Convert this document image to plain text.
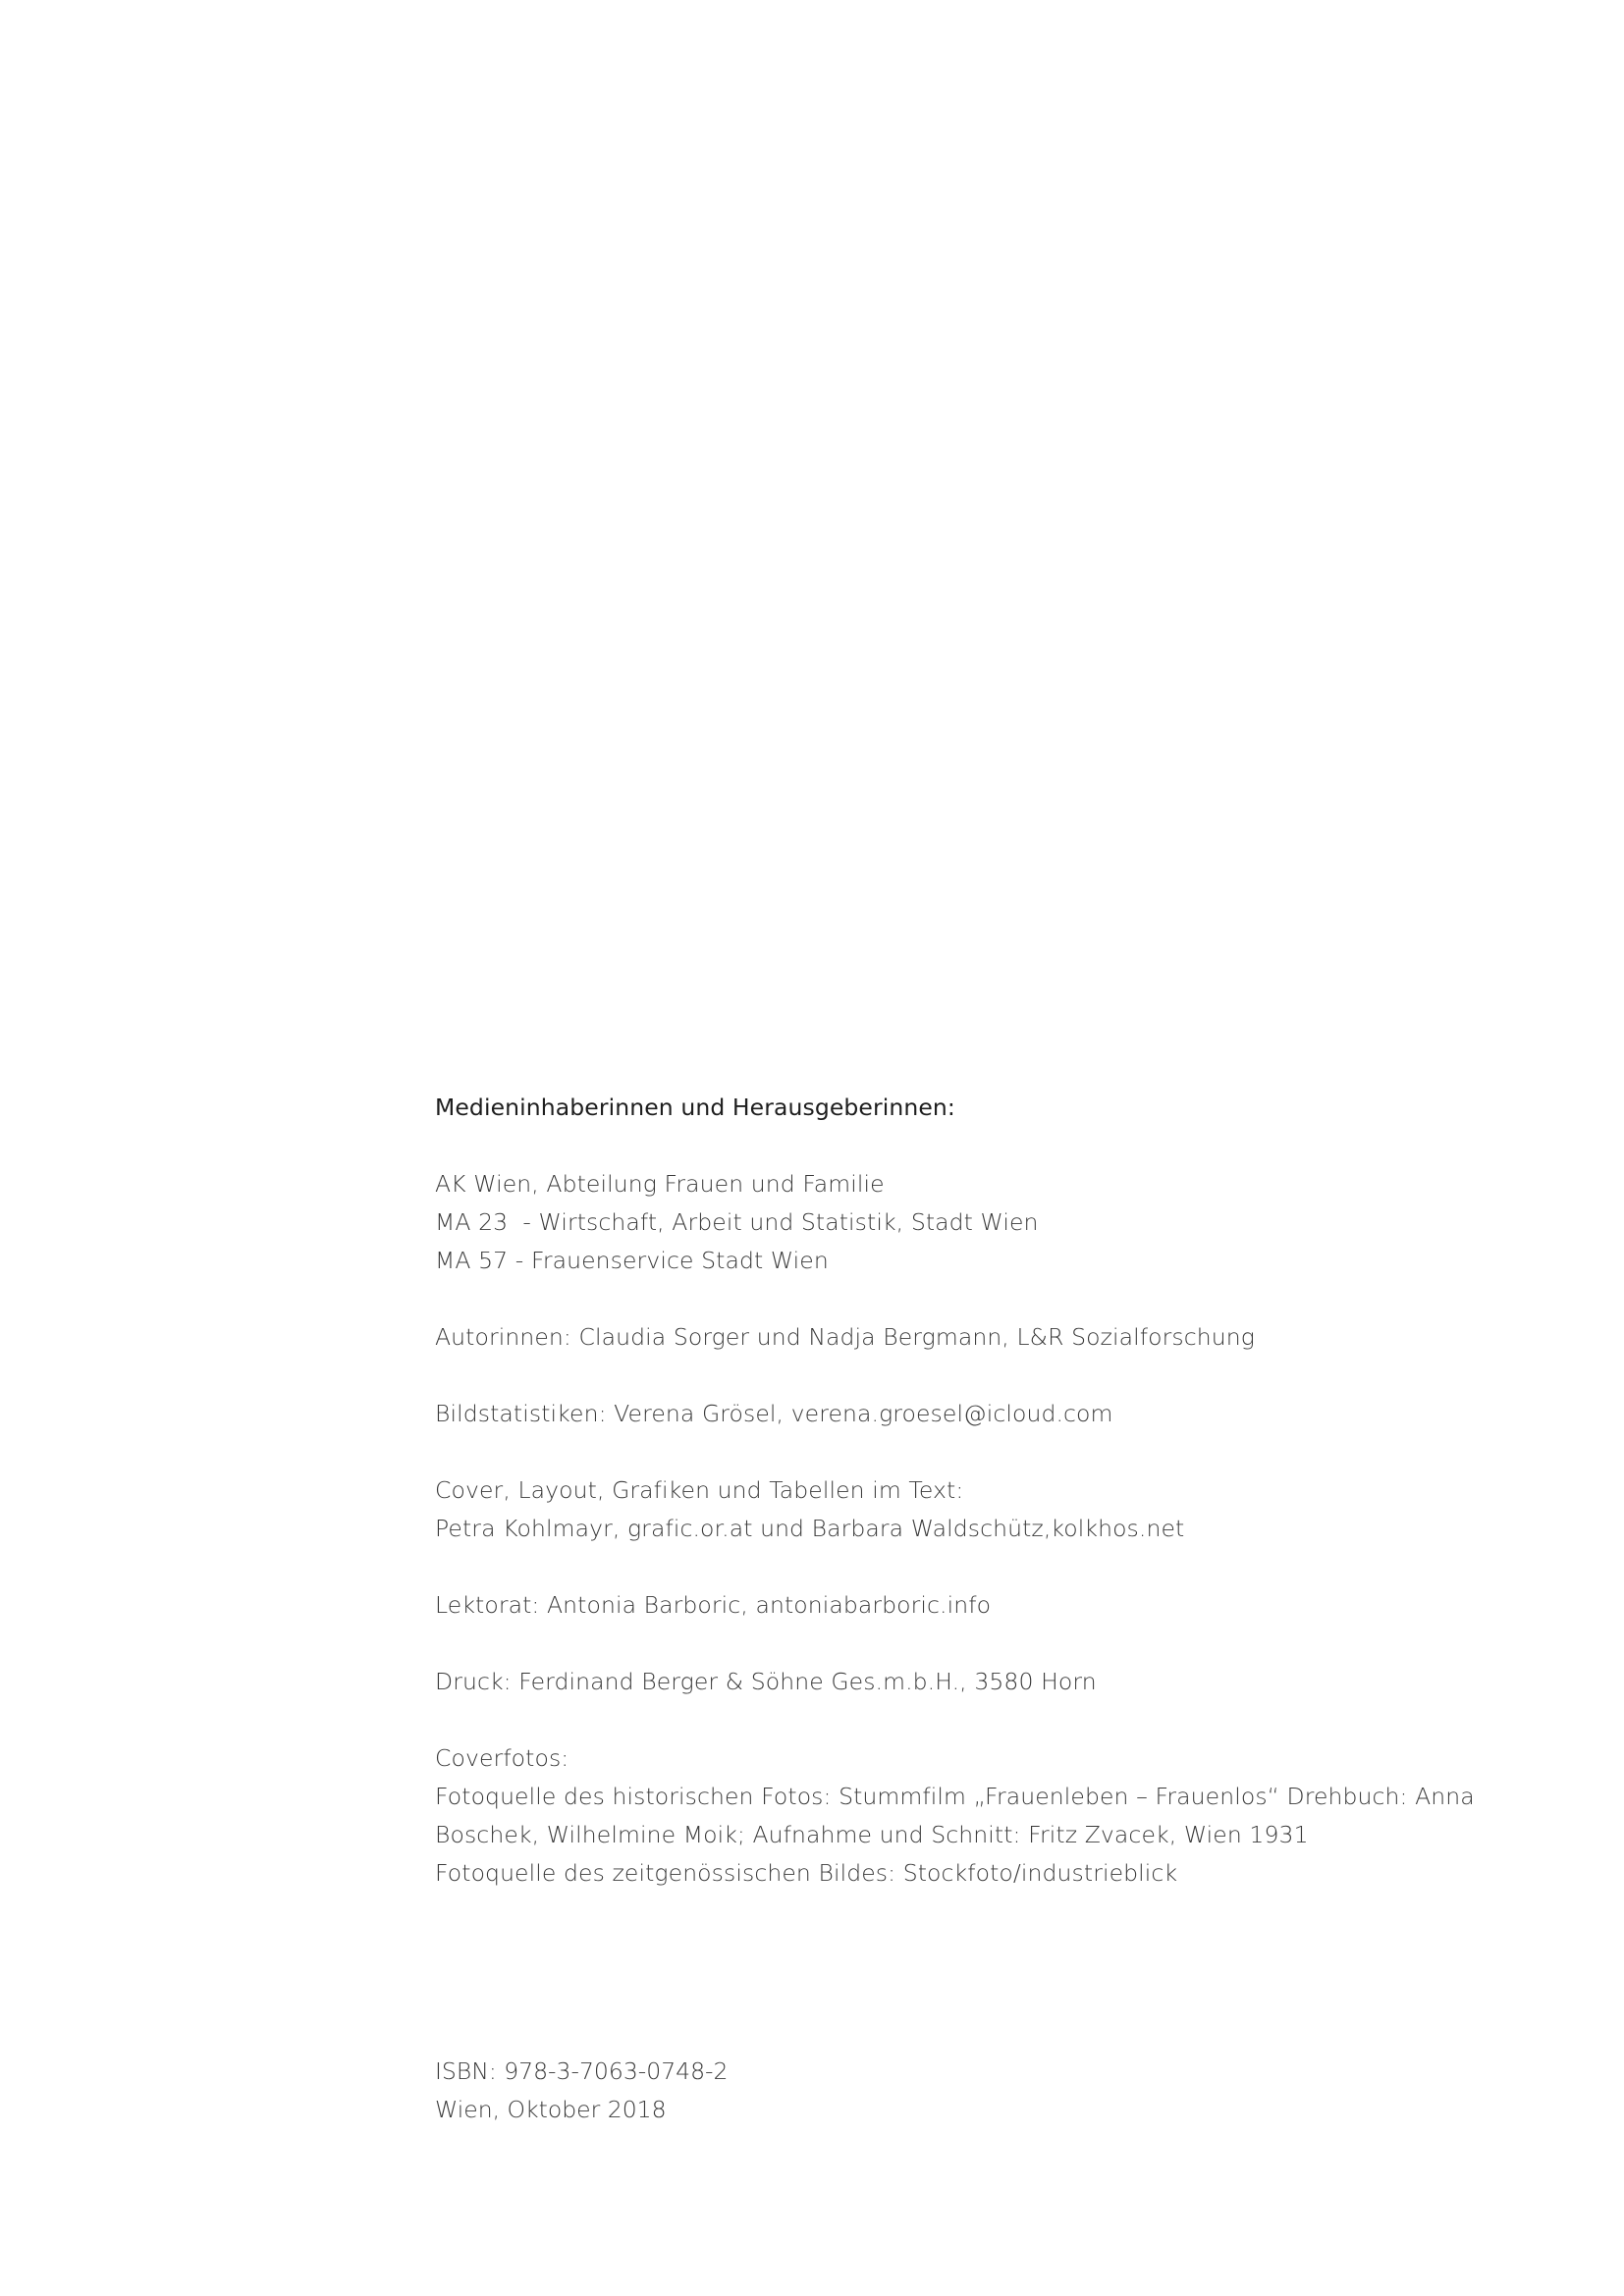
Medieninhaberinnen und Herausgeberinnen:
AK Wien, Abteilung Frauen und Familie
MA 23  - Wirtschaft, Arbeit und Statistik, Stadt Wien
MA 57 - Frauenservice Stadt Wien
Autorinnen: Claudia Sorger und Nadja Bergmann, L&R Sozialforschung
Bildstatistiken: Verena Grösel, verena.groesel@icloud.com
Cover, Layout, Grafiken und Tabellen im Text:
Petra Kohlmayr, grafic.or.at und Barbara Waldschütz,kolkhos.net
Lektorat: Antonia Barboric, antoniabarboric.info
Druck: Ferdinand Berger & Söhne Ges.m.b.H., 3580 Horn
Coverfotos:
Fotoquelle des historischen Fotos: Stummfilm „Frauenleben – Frauenlos“ Drehbuch: Anna
Boschek, Wilhelmine Moik; Aufnahme und Schnitt: Fritz Zvacek, Wien 1931
Fotoquelle des zeitgenössischen Bildes: Stockfoto/industrieblick
ISBN: 978-3-7063-0748-2
Wien, Oktober 2018
